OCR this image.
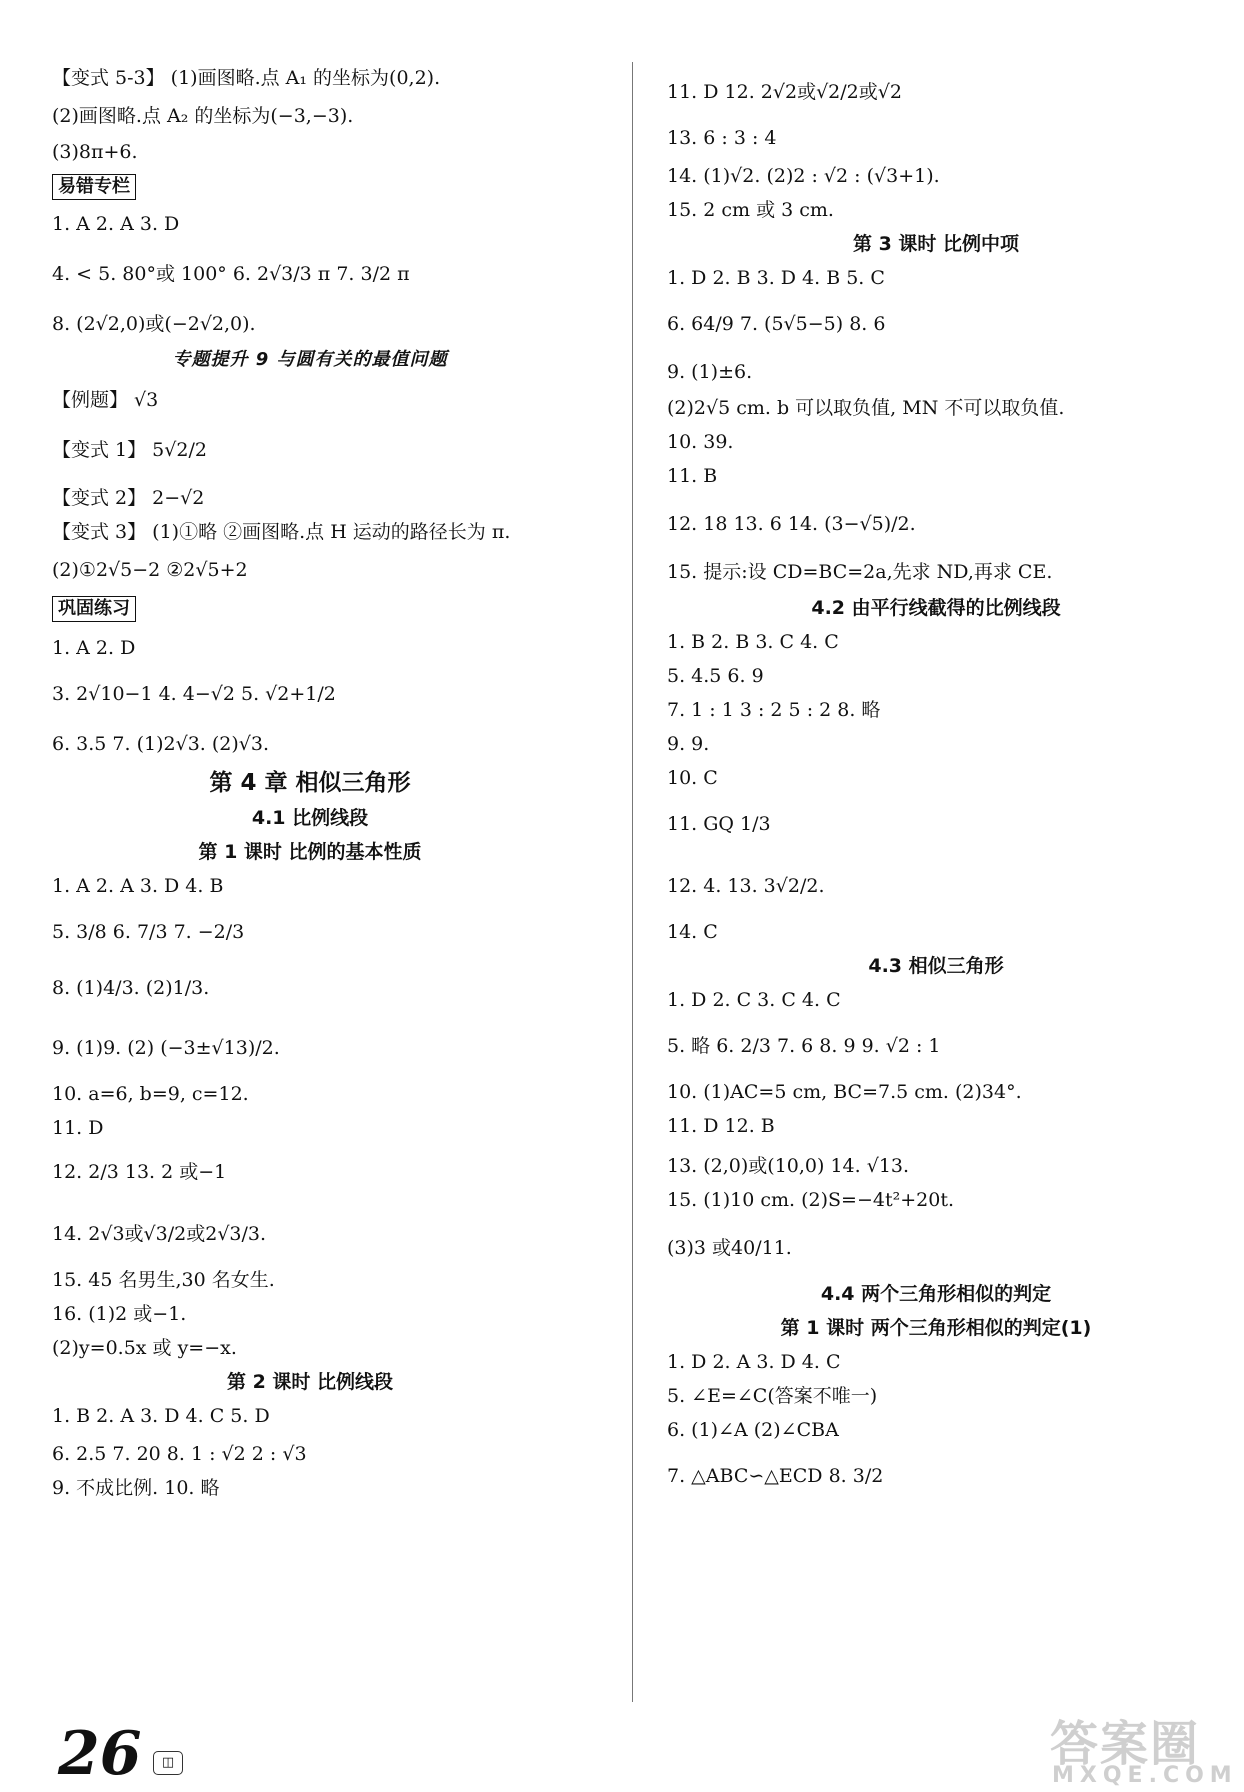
【变式 5-3】 (1)画图略.点 A₁ 的坐标为(0,2).
(2)画图略.点 A₂ 的坐标为(−3,−3).
(3)8π+6.
易错专栏
1. A 2. A 3. D
4. < 5. 80°或 100° 6. 2√3/3 π 7. 3/2 π
8. (2√2,0)或(−2√2,0).
专题提升 9 与圆有关的最值问题
【例题】 √3
【变式 1】 5√2/2
【变式 2】 2−√2
【变式 3】 (1)①略 ②画图略.点 H 运动的路径长为 π.
(2)①2√5−2 ②2√5+2
巩固练习
1. A 2. D
3. 2√10−1 4. 4−√2 5. √2+1/2
6. 3.5 7. (1)2√3. (2)√3.
第 4 章 相似三角形
4.1 比例线段
第 1 课时 比例的基本性质
1. A 2. A 3. D 4. B
5. 3/8 6. 7/3 7. −2/3
8. (1)4/3. (2)1/3.
9. (1)9. (2) (−3±√13)/2.
10. a=6, b=9, c=12.
11. D
12. 2/3 13. 2 或−1
14. 2√3或√3/2或2√3/3.
15. 45 名男生,30 名女生.
16. (1)2 或−1.
(2)y=0.5x 或 y=−x.
第 2 课时 比例线段
1. B 2. A 3. D 4. C 5. D
6. 2.5 7. 20 8. 1 : √2 2 : √3
9. 不成比例. 10. 略
11. D 12. 2√2或√2/2或√2
13. 6 : 3 : 4
14. (1)√2. (2)2 : √2 : (√3+1).
15. 2 cm 或 3 cm.
第 3 课时 比例中项
1. D 2. B 3. D 4. B 5. C
6. 64/9 7. (5√5−5) 8. 6
9. (1)±6.
(2)2√5 cm. b 可以取负值, MN 不可以取负值.
10. 39.
11. B
12. 18 13. 6 14. (3−√5)/2.
15. 提示:设 CD=BC=2a,先求 ND,再求 CE.
4.2 由平行线截得的比例线段
1. B 2. B 3. C 4. C
5. 4.5 6. 9
7. 1 : 1 3 : 2 5 : 2 8. 略
9. 9.
10. C
11. GQ 1/3
12. 4. 13. 3√2/2.
14. C
4.3 相似三角形
1. D 2. C 3. C 4. C
5. 略 6. 2/3 7. 6 8. 9 9. √2 : 1
10. (1)AC=5 cm, BC=7.5 cm. (2)34°.
11. D 12. B
13. (2,0)或(10,0) 14. √13.
15. (1)10 cm. (2)S=−4t²+20t.
(3)3 或40/11.
4.4 两个三角形相似的判定
第 1 课时 两个三角形相似的判定(1)
1. D 2. A 3. D 4. C
5. ∠E=∠C(答案不唯一)
6. (1)∠A (2)∠CBA
7. △ABC∽△ECD 8. 3/2
26	◫	答案圈
MXQE.COM
